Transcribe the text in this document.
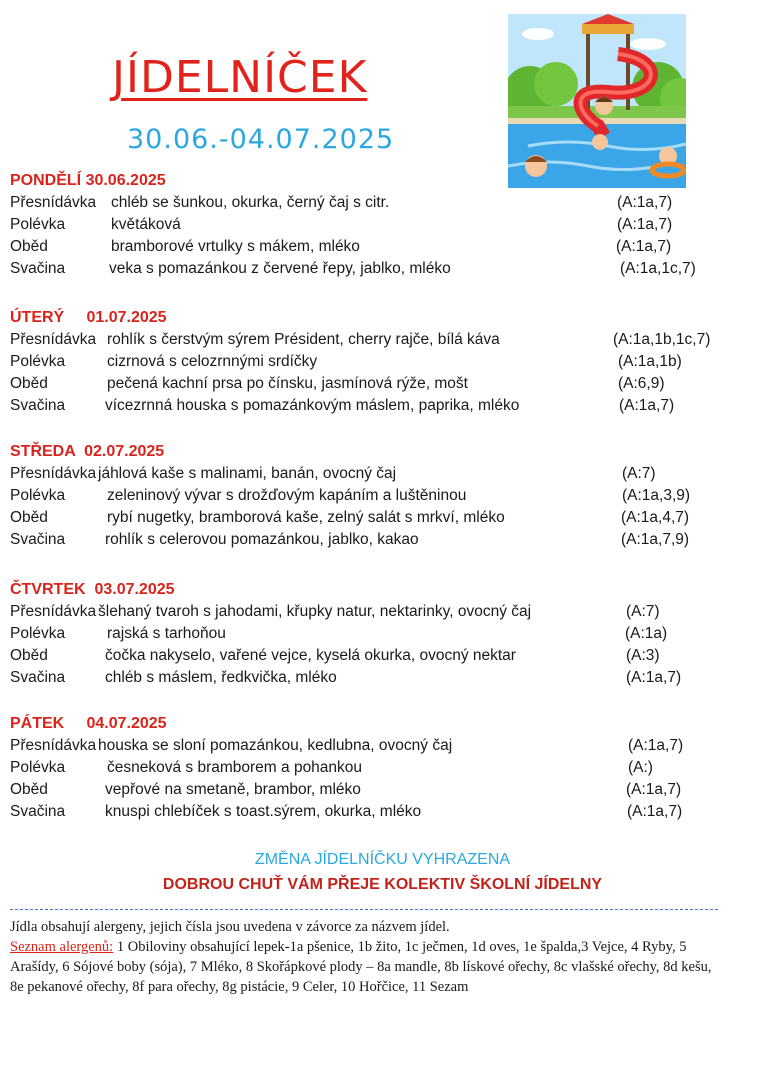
JÍDELNÍČEK
30.06.-04.07.2025
PONDĚLÍ 30.06.2025
Přesnídávka chléb se šunkou, okurka, černý čaj s citr.	(A:1a,7)
Polévka	květáková	(A:1a,7)
Oběd	bramborové vrtulky s mákem, mléko	(A:1a,7)
Svačina	veka s pomazánkou z červené řepy, jablko, mléko	(A:1a,1c,7)
ÚTERÝ     01.07.2025
Přesnídávka rohlík s čerstvým sýrem Président, cherry rajče, bílá káva	(A:1a,1b,1c,7)
Polévka	cizrnová s celozrnnými srdíčky	(A:1a,1b)
Oběd	pečená kachní prsa po čínsku, jasmínová rýže, mošt	(A:6,9)
Svačina	vícezrnná houska s pomazánkovým máslem, paprika, mléko	(A:1a,7)
STŘEDA  02.07.2025
Přesnídávka jáhlová kaše s malinami, banán, ovocný čaj	(A:7)
Polévka	zeleninový vývar s drožďovým kapáním a luštěninou	(A:1a,3,9)
Oběd	rybí nugetky, bramborová kaše, zelný salát s mrkví, mléko	(A:1a,4,7)
Svačina	rohlík s celerovou pomazánkou, jablko, kakao	(A:1a,7,9)
ČTVRTEK  03.07.2025
Přesnídávka šlehaný tvaroh s jahodami, křupky natur, nektarinky, ovocný čaj	(A:7)
Polévka	rajská s tarhoňou	(A:1a)
Oběd	čočka nakyselo, vařené vejce, kyselá okurka, ovocný nektar	(A:3)
Svačina	chléb s máslem, ředkvička, mléko	(A:1a,7)
PÁTEK     04.07.2025
Přesnídávka houska se sloní pomazánkou, kedlubna, ovocný čaj	(A:1a,7)
Polévka	česneková s bramborem a pohankou	(A:)
Oběd	vepřové na smetaně, brambor, mléko	(A:1a,7)
Svačina	knuspi chlebíček s toast.sýrem, okurka, mléko	(A:1a,7)
ZMĚNA JÍDELNÍČKU VYHRAZENA
DOBROU CHUŤ VÁM PŘEJE KOLEKTIV ŠKOLNÍ JÍDELNY
Jídla obsahují alergeny, jejich čísla jsou uvedena v závorce za názvem jídel.
Seznam alergenů: 1 Obiloviny obsahující lepek-1a pšenice, 1b žito, 1c ječmen, 1d oves, 1e špalda,3 Vejce, 4 Ryby, 5 Arašídy, 6 Sójové boby (sója), 7 Mléko, 8 Skořápkové plody – 8a mandle, 8b lískové ořechy, 8c vlašské ořechy, 8d kešu, 8e pekanové ořechy, 8f para ořechy, 8g pistácie, 9 Celer, 10 Hořčice, 11 Sezam
